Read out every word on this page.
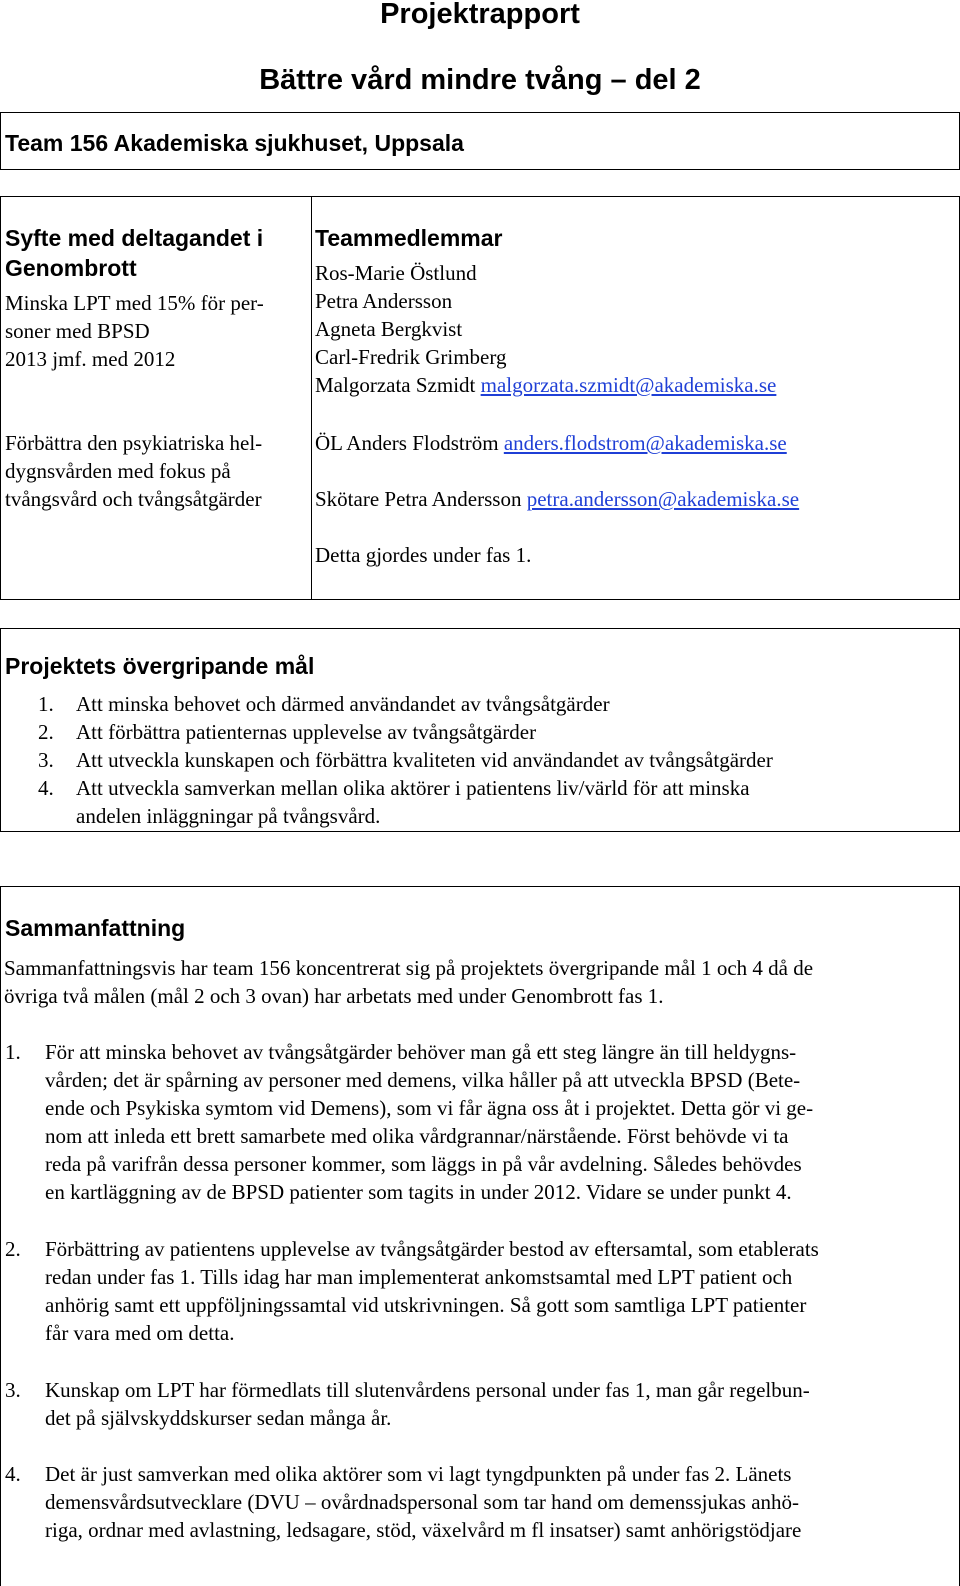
Projektrapport
Bättre vård mindre tvång – del 2
Team 156 Akademiska sjukhuset, Uppsala
Syfte med deltagandet i
Genombrott
Minska LPT med 15% för per-
soner med BPSD
2013 jmf. med 2012
Förbättra den psykiatriska hel-
dygnsvården med fokus på
tvångsvård och tvångsåtgärder
Teammedlemmar
Ros-Marie Östlund
Petra Andersson
Agneta Bergkvist
Carl-Fredrik Grimberg
Malgorzata Szmidt malgorzata.szmidt@akademiska.se
ÖL Anders Flodström anders.flodstrom@akademiska.se
Skötare Petra Andersson petra.andersson@akademiska.se
Detta gjordes under fas 1.
Projektets övergripande mål
1. Att minska behovet och därmed användandet av tvångsåtgärder
2. Att förbättra patienternas upplevelse av tvångsåtgärder
3. Att utveckla kunskapen och förbättra kvaliteten vid användandet av tvångsåtgärder
4. Att utveckla samverkan mellan olika aktörer i patientens liv/värld för att minska
andelen inläggningar på tvångsvård.
Sammanfattning
Sammanfattningsvis har team 156 koncentrerat sig på projektets övergripande mål 1 och 4 då de
övriga två målen (mål 2 och 3 ovan) har arbetats med under Genombrott fas 1.
1. För att minska behovet av tvångsåtgärder behöver man gå ett steg längre än till heldygns-
vården; det är spårning av personer med demens, vilka håller på att utveckla BPSD (Bete-
ende och Psykiska symtom vid Demens), som vi får ägna oss åt i projektet. Detta gör vi ge-
nom att inleda ett brett samarbete med olika vårdgrannar/närstående. Först behövde vi ta
reda på varifrån dessa personer kommer, som läggs in på vår avdelning. Således behövdes
en kartläggning av de BPSD patienter som tagits in under 2012. Vidare se under punkt 4.
2. Förbättring av patientens upplevelse av tvångsåtgärder bestod av eftersamtal, som etablerats
redan under fas 1. Tills idag har man implementerat ankomstsamtal med LPT patient och
anhörig samt ett uppföljningssamtal vid utskrivningen. Så gott som samtliga LPT patienter
får vara med om detta.
3. Kunskap om LPT har förmedlats till slutenvårdens personal under fas 1, man går regelbun-
det på självskyddskurser sedan många år.
4. Det är just samverkan med olika aktörer som vi lagt tyngdpunkten på under fas 2. Länets
demensvårdsutvecklare (DVU – ovårdnadspersonal som tar hand om demenssjukas anhö-
riga, ordnar med avlastning, ledsagare, stöd, växelvård m fl insatser) samt anhörigstödjare
